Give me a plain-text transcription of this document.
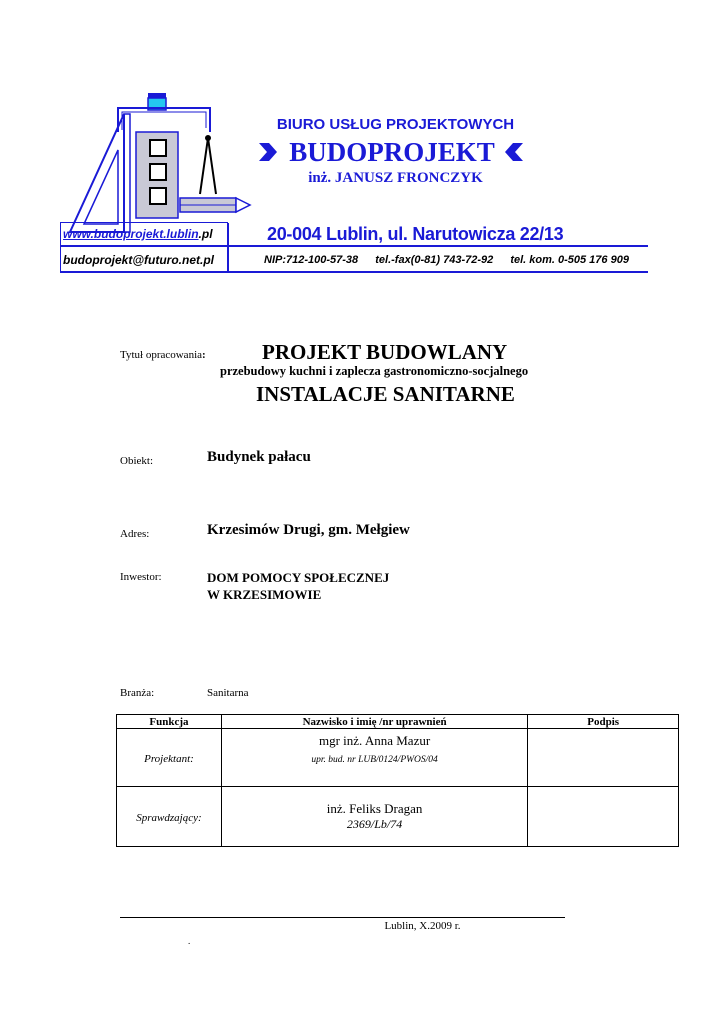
BIURO USŁUG PROJEKTOWYCH
BUDOPROJEKT
inż. JANUSZ FRONCZYK
www.budoprojekt.lublin.pl	20-004 Lublin, ul. Narutowicza 22/13
budoprojekt@futuro.net.pl	NIP:712-100-57-38 tel.-fax(0-81) 743-72-92 tel. kom. 0-505 176 909
Tytuł opracowania:	PROJEKT BUDOWLANY
przebudowy kuchni i zaplecza gastronomiczno-socjalnego
INSTALACJE SANITARNE
Obiekt:	Budynek pałacu
Adres:	Krzesimów Drugi, gm. Mełgiew
Inwestor:	DOM POMOCY SPOŁECZNEJ
W KRZESIMOWIE
Branża:	Sanitarna
Funkcja	Nazwisko i imię /nr uprawnień	Podpis
Projektant:	mgr inż. Anna Mazur
upr. bud. nr LUB/0124/PWOS/04	

Sprawdzający:	inż. Feliks Dragan
2369/Lb/74	

Lublin, X.2009 r.
.
